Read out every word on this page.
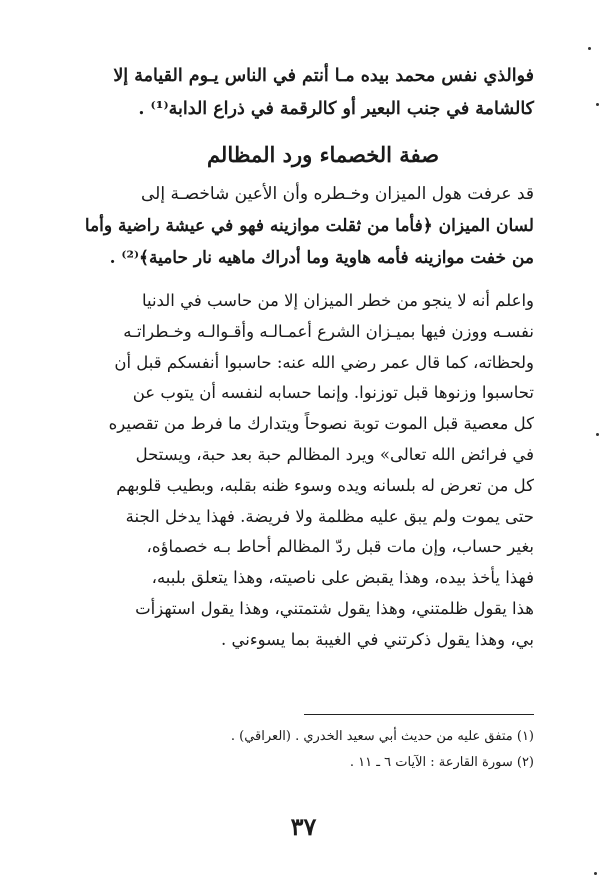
فوالذي نفس محمد بيده مـا أنتم في الناس يـوم القيامة إلا
كالشامة في جنب البعير أو كالرقمة في ذراع الدابة⁽¹⁾ .
صفة الخصماء ورد المظالم
قد عرفت هول الميزان وخـطره وأن الأعين شاخصـة إلى
لسان الميزان ﴿فأما من ثقلت موازينه فهو في عيشة راضية وأما
من خفت موازينه فأمه هاوية وما أدراك ماهيه نار حامية﴾⁽²⁾ .
واعلم أنه لا ينجو من خطر الميزان إلا من حاسب في الدنيا
نفسـه ووزن فيها بميـزان الشرع أعمـالـه وأقـوالـه وخـطراتـه
ولحظاته، كما قال عمر رضي الله عنه: حاسبوا أنفسكم قبل أن
تحاسبوا وزنوها قبل توزنوا. وإنما حسابه لنفسه أن يتوب عن
كل معصية قبل الموت توبة نصوحاً ويتدارك ما فرط من تقصيره
في فرائض الله تعالى» ويرد المظالم حبة بعد حبة، ويستحل
كل من تعرض له بلسانه ويده وسوء ظنه بقلبه، وبطيب قلوبهم
حتى يموت ولم يبق عليه مظلمة ولا فريضة. فهذا يدخل الجنة
بغير حساب، وإن مات قبل ردّ المظالم أحاط بـه خصماؤه،
فهذا يأخذ بيده، وهذا يقبض على ناصيته، وهذا يتعلق بلببه،
هذا يقول ظلمتني، وهذا يقول شتمتني، وهذا يقول استهزأت
بي، وهذا يقول ذكرتني في الغيبة بما يسوءني .
(١) متفق عليه من حديث أبي سعيد الخدري . (العراقي) .
(٢) سورة القارعة : الآيات ٦ ـ ١١ .
٣٧
